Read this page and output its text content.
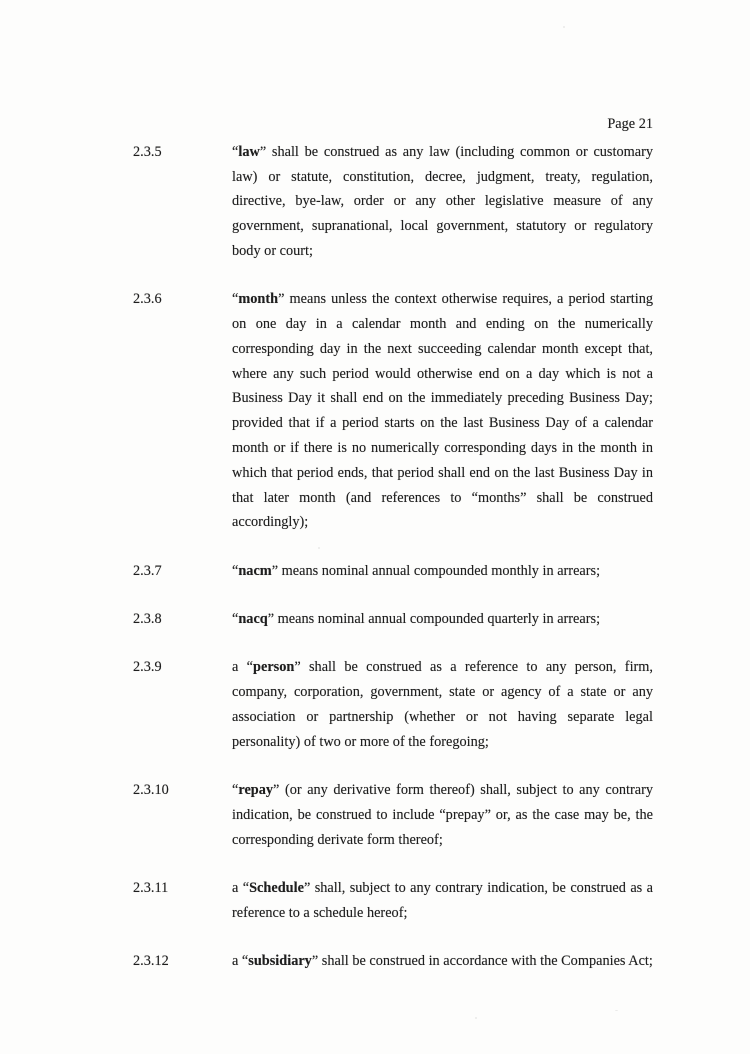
Page 21
2.3.5	“law” shall be construed as any law (including common or customary law) or statute, constitution, decree, judgment, treaty, regulation, directive, bye-law, order or any other legislative measure of any government, supranational, local government, statutory or regulatory body or court;
2.3.6	“month” means unless the context otherwise requires, a period starting on one day in a calendar month and ending on the numerically corresponding day in the next succeeding calendar month except that, where any such period would otherwise end on a day which is not a Business Day it shall end on the immediately preceding Business Day; provided that if a period starts on the last Business Day of a calendar month or if there is no numerically corresponding days in the month in which that period ends, that period shall end on the last Business Day in that later month (and references to “months” shall be construed accordingly);
2.3.7	“nacm” means nominal annual compounded monthly in arrears;
2.3.8	“nacq” means nominal annual compounded quarterly in arrears;
2.3.9	a “person” shall be construed as a reference to any person, firm, company, corporation, government, state or agency of a state or any association or partnership (whether or not having separate legal personality) of two or more of the foregoing;
2.3.10	“repay” (or any derivative form thereof) shall, subject to any contrary indication, be construed to include “prepay” or, as the case may be, the corresponding derivate form thereof;
2.3.11	a “Schedule” shall, subject to any contrary indication, be construed as a reference to a schedule hereof;
2.3.12	a “subsidiary” shall be construed in accordance with the Companies Act;
